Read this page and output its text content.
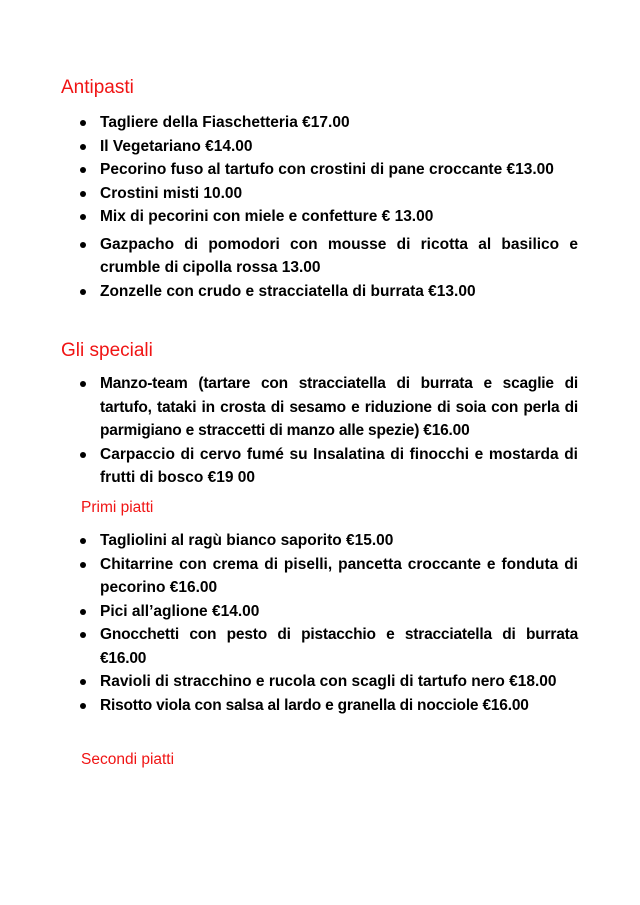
Antipasti
Tagliere della Fiaschetteria €17.00
Il Vegetariano €14.00
Pecorino fuso al tartufo con crostini di pane croccante €13.00
Crostini misti 10.00
Mix di pecorini con miele e confetture € 13.00
Gazpacho di pomodori con mousse di ricotta al basilico e crumble di cipolla rossa 13.00
Zonzelle con crudo e stracciatella di burrata €13.00
Gli speciali
Manzo-team (tartare con stracciatella di burrata e scaglie di tartufo, tataki in crosta di sesamo e riduzione di soia con perla di parmigiano e straccetti di manzo alle spezie) €16.00
Carpaccio di cervo fumé su Insalatina di finocchi e mostarda di frutti di bosco €19 00
Primi piatti
Tagliolini al ragù bianco saporito €15.00
Chitarrine con crema di piselli, pancetta croccante e fonduta di pecorino €16.00
Pici all’aglione €14.00
Gnocchetti con pesto di pistacchio e stracciatella di burrata €16.00
Ravioli di stracchino e rucola con scagli di tartufo nero €18.00
Risotto viola con salsa al lardo e granella di nocciole €16.00
Secondi piatti
